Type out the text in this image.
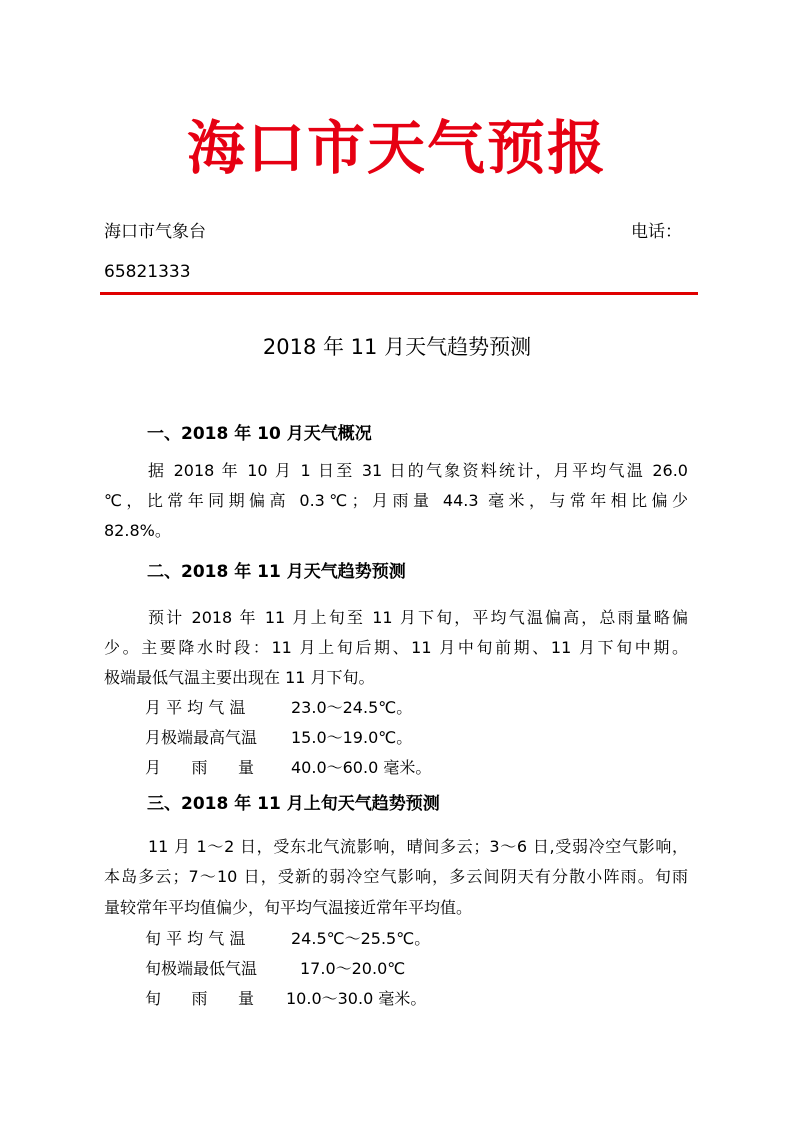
海口市天气预报
海口市气象台	电话：
65821333
2018 年 11 月天气趋势预测
一、2018 年 10 月天气概况
据 2018 年 10 月 1 日至 31 日的气象资料统计，月平均气温 26.0
℃，比常年同期偏高 0.3℃；月雨量 44.3 毫米，与常年相比偏少
82.8%。
二、2018 年 11 月天气趋势预测
预计 2018 年 11 月上旬至 11 月下旬，平均气温偏高，总雨量略偏
少。主要降水时段：11 月上旬后期、11 月中旬前期、11 月下旬中期。
极端最低气温主要出现在 11 月下旬。
月 平 均 气 温	23.0～24.5℃。
月极端最高气温 15.0～19.0℃。
月      雨      量 40.0～60.0 毫米。
三、2018 年 11 月上旬天气趋势预测
11 月 1～2 日，受东北气流影响，晴间多云；3～6 日,受弱冷空气影响，
本岛多云；7～10 日，受新的弱冷空气影响，多云间阴天有分散小阵雨。旬雨
量较常年平均值偏少，旬平均气温接近常年平均值。
旬 平 均 气 温	24.5℃～25.5℃。
旬极端最低气温	17.0～20.0℃
旬      雨      量 10.0～30.0 毫米。
